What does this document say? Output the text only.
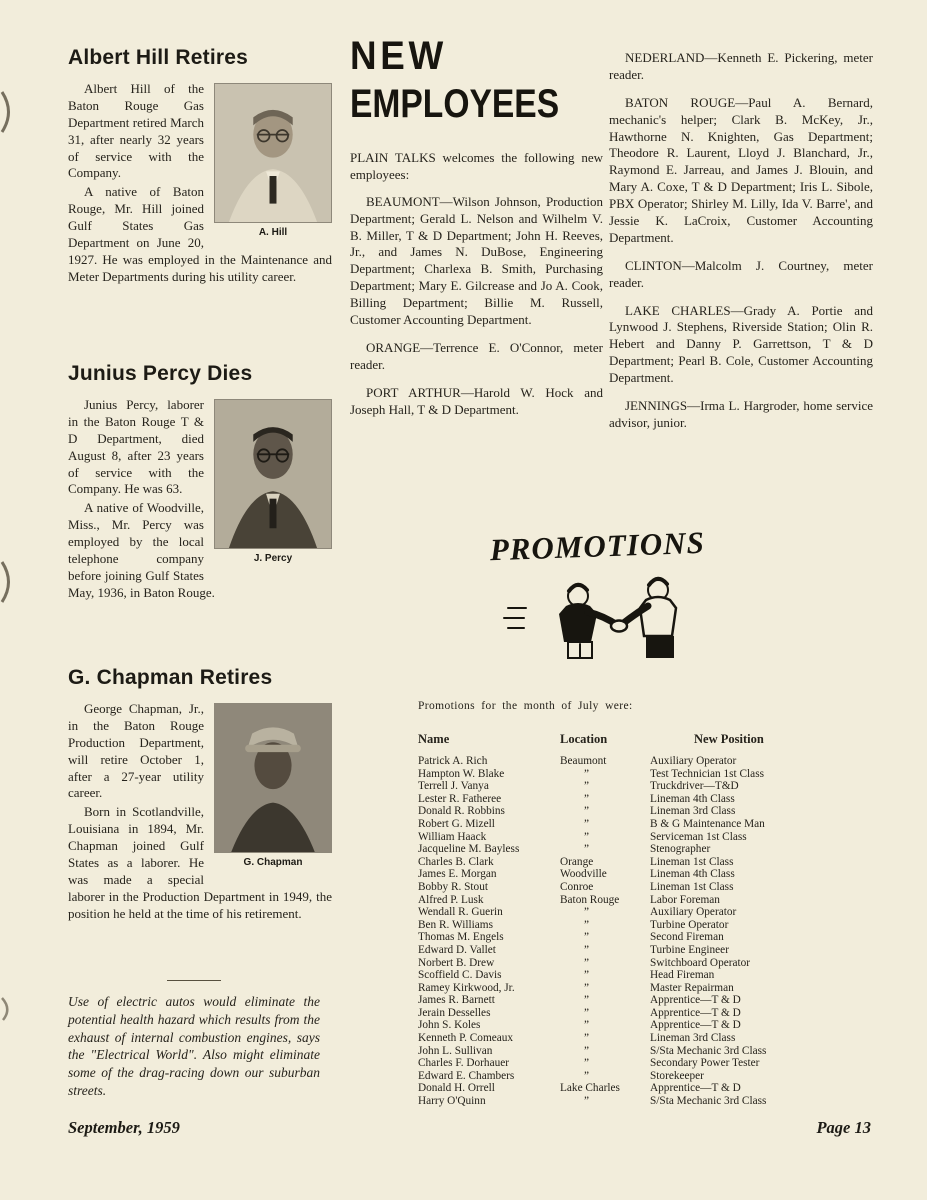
Albert Hill Retires
A. Hill

Albert Hill of the Baton Rouge Gas Department retired March 31, after nearly 32 years of service with the Company.

A native of Baton Rouge, Mr. Hill joined Gulf States Gas Department on June 20, 1927. He was employed in the Maintenance and Meter Departments during his utility career.

Junius Percy Dies
J. Percy

Junius Percy, laborer in the Baton Rouge T & D Department, died August 8, after 23 years of service with the Company. He was 63.

A native of Woodville, Miss., Mr. Percy was employed by the local telephone company before joining Gulf States May, 1936, in Baton Rouge.

G. Chapman Retires
G. Chapman

George Chapman, Jr., in the Baton Rouge Production Department, will retire October 1, after a 27-year utility career.

Born in Scotlandville, Louisiana in 1894, Mr. Chapman joined Gulf States as a laborer. He was made a special laborer in the Production Department in 1949, the position he held at the time of his retirement.

Use of electric autos would eliminate the potential health hazard which results from the exhaust of internal combustion engines, says the "Electrical World". Also might eliminate some of the drag-racing down our suburban streets.

NEW
EMPLOYEES

PLAIN TALKS welcomes the following new employees:

BEAUMONT—Wilson Johnson, Production Department; Gerald L. Nelson and Wilhelm V. B. Miller, T & D Department; John H. Reeves, Jr., and James N. DuBose, Engineering Department; Charlexa B. Smith, Purchasing Department; Mary E. Gilcrease and Jo A. Cook, Billing Department; Billie M. Russell, Customer Accounting Department.

ORANGE—Terrence E. O'Connor, meter reader.

PORT ARTHUR—Harold W. Hock and Joseph Hall, T & D Department.

NEDERLAND—Kenneth E. Pickering, meter reader.

BATON ROUGE—Paul A. Bernard, mechanic's helper; Clark B. McKey, Jr., Hawthorne N. Knighten, Gas Department; Theodore R. Laurent, Lloyd J. Blanchard, Jr., Raymond E. Jarreau, and James J. Blouin, and Mary A. Coxe, T & D Department; Iris L. Sibole, PBX Operator; Shirley M. Lilly, Ida V. Barre', and Jessie K. LaCroix, Customer Accounting Department.

CLINTON—Malcolm J. Courtney, meter reader.

LAKE CHARLES—Grady A. Portie and Lynwood J. Stephens, Riverside Station; Olin R. Hebert and Danny P. Garrettson, T & D Department; Pearl B. Cole, Customer Accounting Department.

JENNINGS—Irma L. Hargroder, home service advisor, junior.

PROMOTIONS
Promotions for the month of July were:
Name	Location	New Position
Patrick A. Rich	Beaumont	Auxiliary Operator
Hampton W. Blake	”	Test Technician 1st Class
Terrell J. Vanya	”	Truckdriver—T&D
Lester R. Fatheree	”	Lineman 4th Class
Donald R. Robbins	”	Lineman 3rd Class
Robert G. Mizell	”	B & G Maintenance Man
William Haack	”	Serviceman 1st Class
Jacqueline M. Bayless	”	Stenographer
Charles B. Clark	Orange	Lineman 1st Class
James E. Morgan	Woodville	Lineman 4th Class
Bobby R. Stout	Conroe	Lineman 1st Class
Alfred P. Lusk	Baton Rouge	Labor Foreman
Wendall R. Guerin	”	Auxiliary Operator
Ben R. Williams	”	Turbine Operator
Thomas M. Engels	”	Second Fireman
Edward D. Vallet	”	Turbine Engineer
Norbert B. Drew	”	Switchboard Operator
Scoffield C. Davis	”	Head Fireman
Ramey Kirkwood, Jr.	”	Master Repairman
James R. Barnett	”	Apprentice—T & D
Jerain Desselles	”	Apprentice—T & D
John S. Koles	”	Apprentice—T & D
Kenneth P. Comeaux	”	Lineman 3rd Class
John L. Sullivan	”	S/Sta Mechanic 3rd Class
Charles F. Dorhauer	”	Secondary Power Tester
Edward E. Chambers	”	Storekeeper
Donald H. Orrell	Lake Charles	Apprentice—T & D
Harry O'Quinn	”	S/Sta Mechanic 3rd Class
September, 1959	Page 13
